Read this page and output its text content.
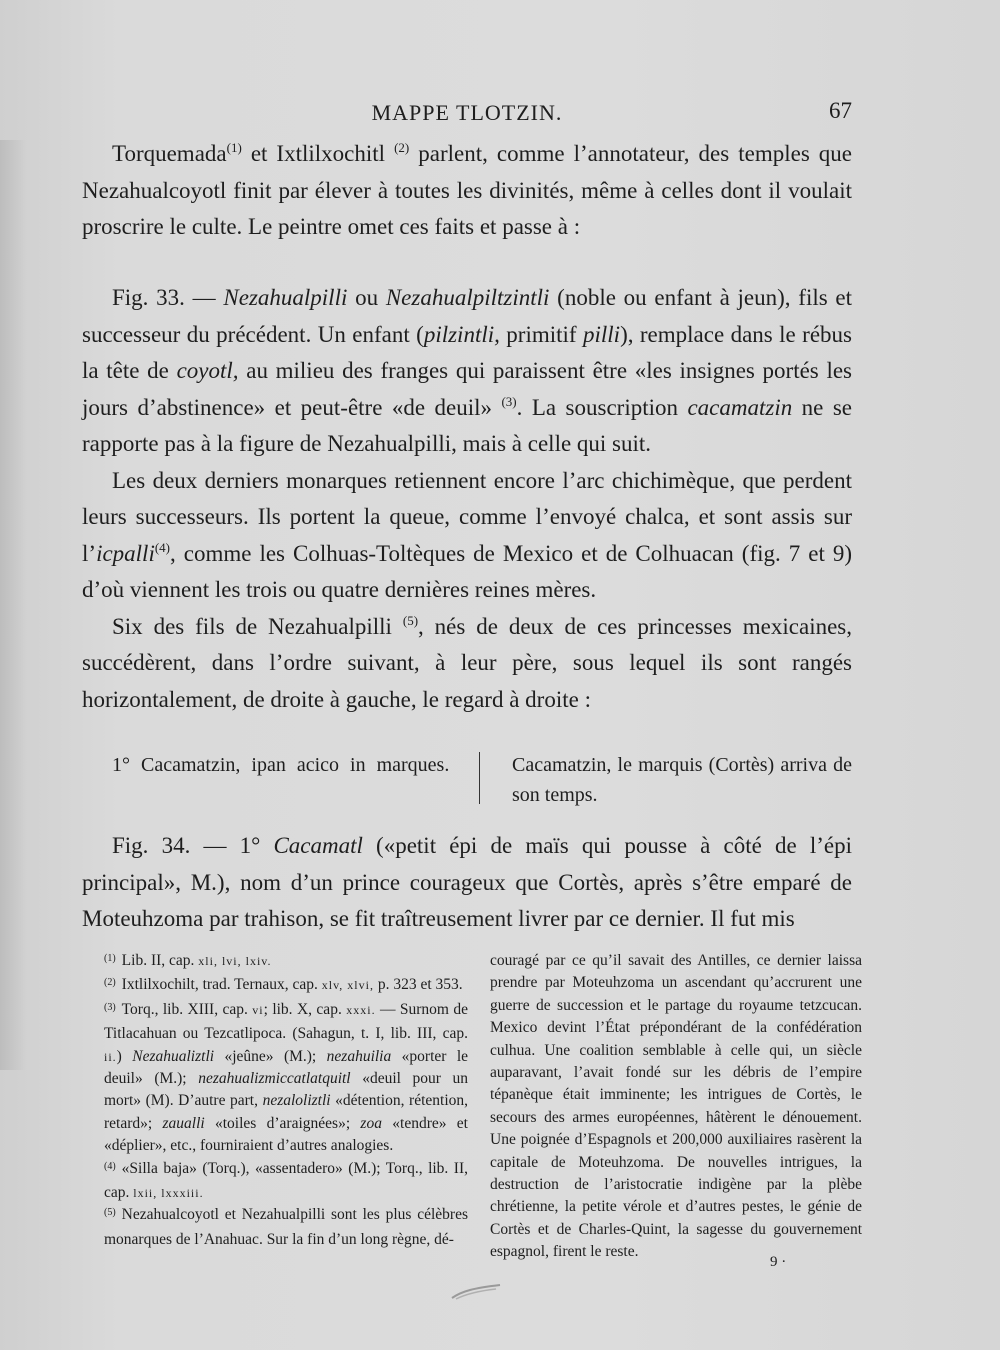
MAPPE TLOTZIN.	67

Torquemada$^{(1)}$ et Ixtlilxochitl $^{(2)}$ parlent, comme l’annotateur, des temples que Nezahualcoyotl finit par élever à toutes les divinités, même à celles dont il voulait proscrire le culte. Le peintre omet ces faits et passe à :

Fig. 33. — Nezahualpilli ou Nezahualpiltzintli (noble ou enfant à jeun), fils et successeur du précédent. Un enfant (pilzintli, primitif pilli), remplace dans le rébus la tête de coyotl, au milieu des franges qui paraissent être «les insignes portés les jours d’abstinence» et peut-être «de deuil» $^{(3)}$. La souscription cacamatzin ne se rapporte pas à la figure de Nezahualpilli, mais à celle qui suit.

Les deux derniers monarques retiennent encore l’arc chichimèque, que perdent leurs successeurs. Ils portent la queue, comme l’envoyé chalca, et sont assis sur l’icpalli$^{(4)}$, comme les Colhuas-Toltèques de Mexico et de Colhuacan (fig. 7 et 9) d’où viennent les trois ou quatre dernières reines mères.

Six des fils de Nezahualpilli $^{(5)}$, nés de deux de ces princesses mexicaines, succédèrent, dans l’ordre suivant, à leur père, sous lequel ils sont rangés horizontalement, de droite à gauche, le regard à droite :

1° Cacamatzin, ipan acico in marques.	Cacamatzin, le marquis (Cortès) arriva de son temps.

Fig. 34. — 1° Cacamatl («petit épi de maïs qui pousse à côté de l’épi principal», M.), nom d’un prince courageux que Cortès, après s’être emparé de Moteuhzoma par trahison, se fit traîtreusement livrer par ce dernier. Il fut mis

$^{(1)}$ Lib. II, cap. xli, lvi, lxiv.

$^{(2)}$ Ixtlilxochilt, trad. Ternaux, cap. xlv, xlvi, p. 323 et 353.

$^{(3)}$ Torq., lib. XIII, cap. vi; lib. X, cap. xxxi. — Surnom de Titlacahuan ou Tezcatlipoca. (Sahagun, t. I, lib. III, cap. ii.) Nezahualiztli «jeûne» (M.); nezahuilia «porter le deuil» (M.); nezahualizmiccatlatquitl «deuil pour un mort» (M). D’autre part, nezaloliztli «détention, rétention, retard»; zaualli «toiles d’araignées»; zoa «tendre» et «déplier», etc., fourniraient d’autres analogies.

$^{(4)}$ «Silla baja» (Torq.), «assentadero» (M.); Torq., lib. II, cap. lxii, lxxxiii.

$^{(5)}$ Nezahualcoyotl et Nezahualpilli sont les plus célèbres monarques de l’Anahuac. Sur la fin d’un long règne, dé-

couragé par ce qu’il savait des Antilles, ce dernier laissa prendre par Moteuhzoma un ascendant qu’accrurent une guerre de succession et le partage du royaume tetzcucan. Mexico devint l’État prépondérant de la confédération culhua. Une coalition semblable à celle qui, un siècle auparavant, l’avait fondé sur les débris de l’empire tépanèque était imminente; les intrigues de Cortès, le secours des armes européennes, hâtèrent le dénouement. Une poignée d’Espagnols et 200,000 auxiliaires rasèrent la capitale de Moteuhzoma. De nouvelles intrigues, la destruction de l’aristocratie indigène par la plèbe chrétienne, la petite vérole et d’autres pestes, le génie de Cortès et de Charles-Quint, la sagesse du gouvernement espagnol, firent le reste.

9 ·
